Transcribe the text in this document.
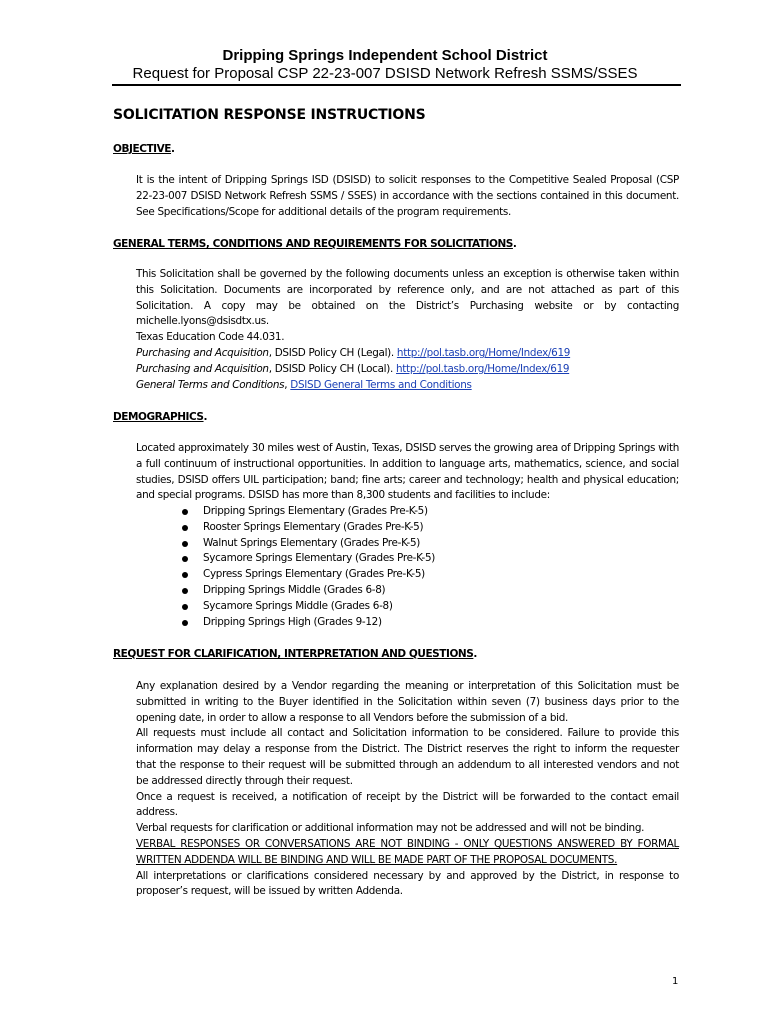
Dripping Springs Independent School District
Request for Proposal CSP 22-23-007 DSISD Network Refresh SSMS/SSES
SOLICITATION RESPONSE INSTRUCTIONS
OBJECTIVE.

It is the intent of Dripping Springs ISD (DSISD) to solicit responses to the Competitive Sealed Proposal (CSP 22-23-007 DSISD Network Refresh SSMS / SSES) in accordance with the sections contained in this document. See Specifications/Scope for additional details of the program requirements.

GENERAL TERMS, CONDITIONS AND REQUIREMENTS FOR SOLICITATIONS.

This Solicitation shall be governed by the following documents unless an exception is otherwise taken within this Solicitation. Documents are incorporated by reference only, and are not attached as part of this Solicitation. A copy may be obtained on the District’s Purchasing website or by contacting michelle.lyons@dsisdtx.us.

Texas Education Code 44.031.

Purchasing and Acquisition, DSISD Policy CH (Legal). http://pol.tasb.org/Home/Index/619

Purchasing and Acquisition, DSISD Policy CH (Local). http://pol.tasb.org/Home/Index/619

General Terms and Conditions, DSISD General Terms and Conditions

DEMOGRAPHICS.

Located approximately 30 miles west of Austin, Texas, DSISD serves the growing area of Dripping Springs with a full continuum of instructional opportunities. In addition to language arts, mathematics, science, and social studies, DSISD offers UIL participation; band; fine arts; career and technology; health and physical education; and special programs. DSISD has more than 8,300 students and facilities to include:

Dripping Springs Elementary (Grades Pre-K-5)
Rooster Springs Elementary (Grades Pre-K-5)
Walnut Springs Elementary (Grades Pre-K-5)
Sycamore Springs Elementary (Grades Pre-K-5)
Cypress Springs Elementary (Grades Pre-K-5)
Dripping Springs Middle (Grades 6-8)
Sycamore Springs Middle (Grades 6-8)
Dripping Springs High (Grades 9-12)
REQUEST FOR CLARIFICATION, INTERPRETATION AND QUESTIONS.

Any explanation desired by a Vendor regarding the meaning or interpretation of this Solicitation must be submitted in writing to the Buyer identified in the Solicitation within seven (7) business days prior to the opening date, in order to allow a response to all Vendors before the submission of a bid.

All requests must include all contact and Solicitation information to be considered. Failure to provide this information may delay a response from the District. The District reserves the right to inform the requester that the response to their request will be submitted through an addendum to all interested vendors and not be addressed directly through their request.

Once a request is received, a notification of receipt by the District will be forwarded to the contact email address.

Verbal requests for clarification or additional information may not be addressed and will not be binding.

VERBAL RESPONSES OR CONVERSATIONS ARE NOT BINDING - ONLY QUESTIONS ANSWERED BY FORMAL WRITTEN ADDENDA WILL BE BINDING AND WILL BE MADE PART OF THE PROPOSAL DOCUMENTS.

All interpretations or clarifications considered necessary by and approved by the District, in response to proposer’s request, will be issued by written Addenda.

1
